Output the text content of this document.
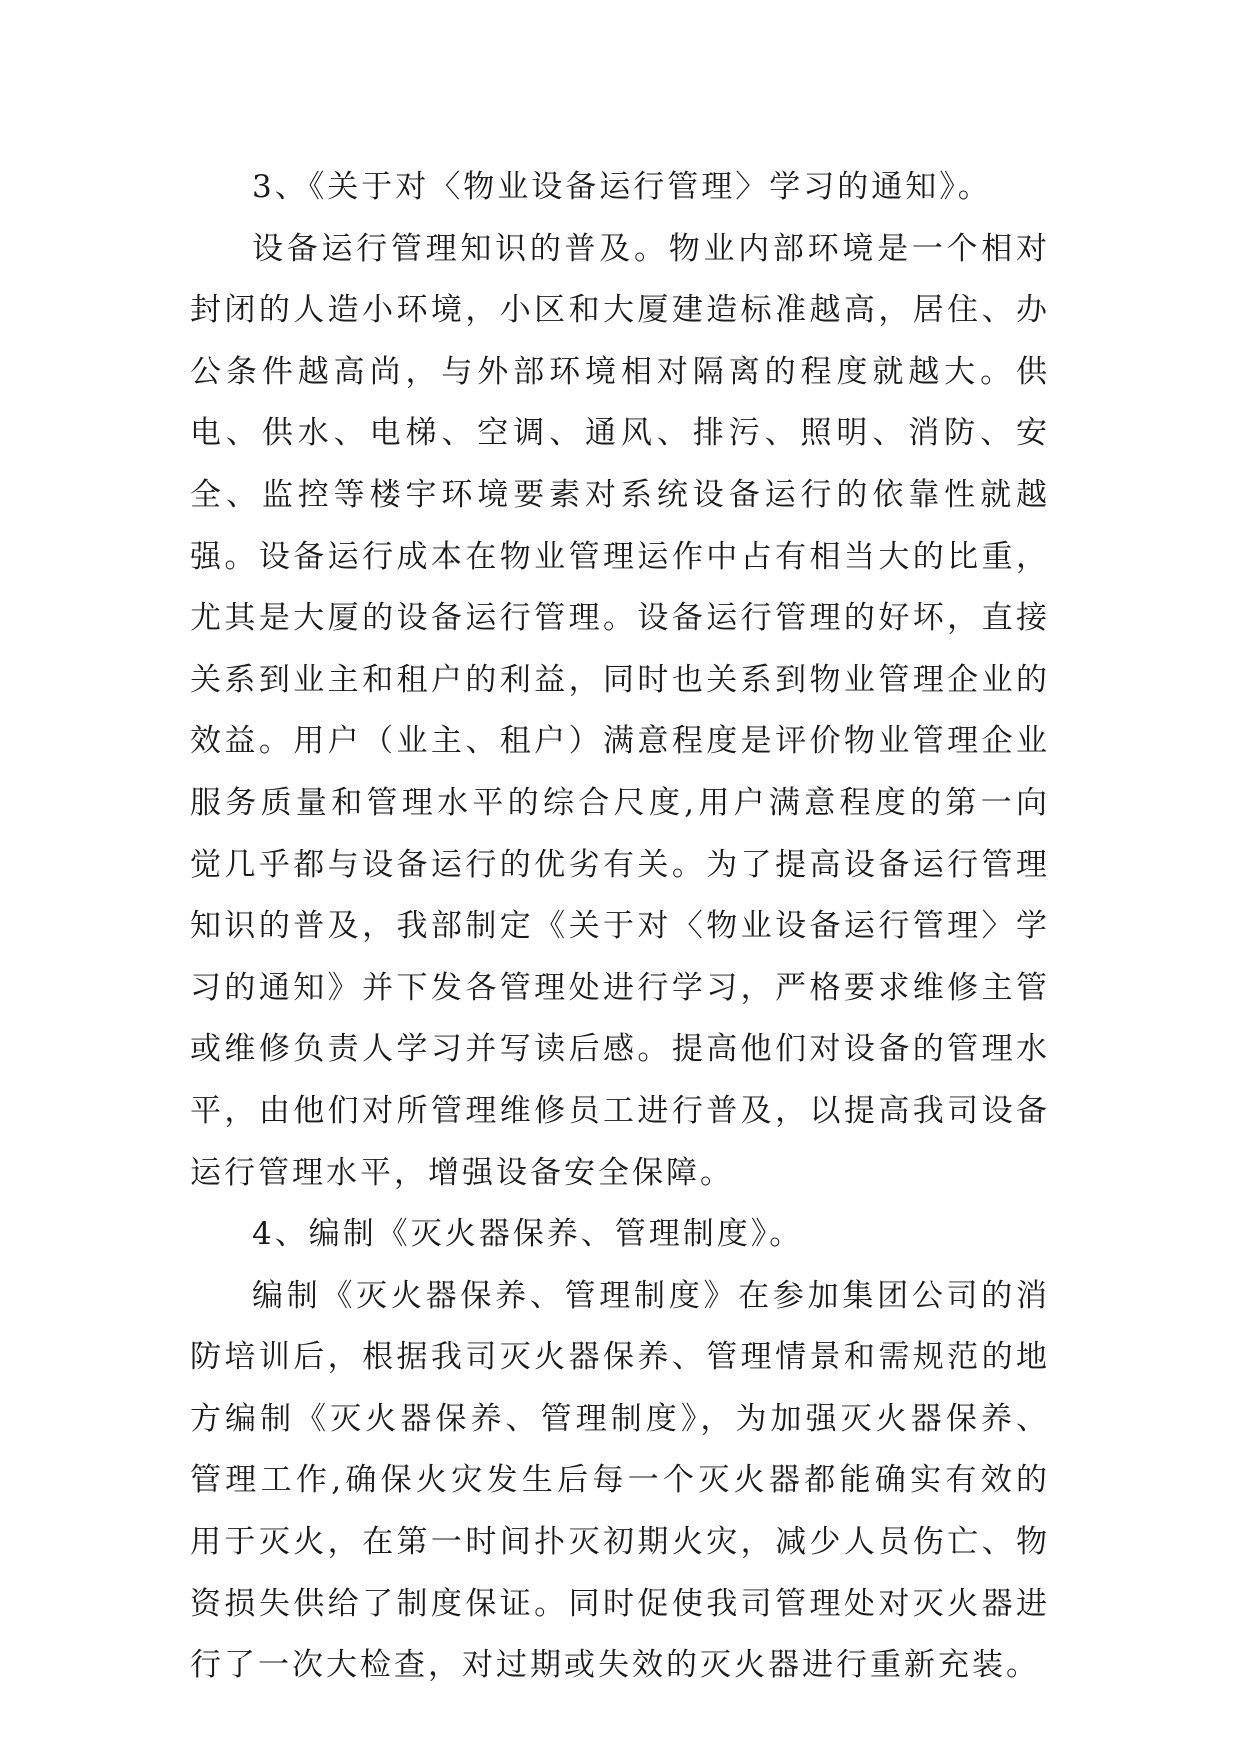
3、《关于对〈物业设备运行管理〉学习的通知》。

设备运行管理知识的普及。物业内部环境是一个相对封闭的人造小环境，小区和大厦建造标准越高，居住、办公条件越高尚，与外部环境相对隔离的程度就越大。供电、供水、电梯、空调、通风、排污、照明、消防、安全、监控等楼宇环境要素对系统设备运行的依靠性就越强。设备运行成本在物业管理运作中占有相当大的比重，尤其是大厦的设备运行管理。设备运行管理的好坏，直接关系到业主和租户的利益，同时也关系到物业管理企业的效益。用户（业主、租户）满意程度是评价物业管理企业服务质量和管理水平的综合尺度,用户满意程度的第一向觉几乎都与设备运行的优劣有关。为了提高设备运行管理知识的普及，我部制定《关于对〈物业设备运行管理〉学习的通知》并下发各管理处进行学习，严格要求维修主管或维修负责人学习并写读后感。提高他们对设备的管理水平，由他们对所管理维修员工进行普及，以提高我司设备运行管理水平，增强设备安全保障。

4、编制《灭火器保养、管理制度》。

编制《灭火器保养、管理制度》在参加集团公司的消防培训后，根据我司灭火器保养、管理情景和需规范的地方编制《灭火器保养、管理制度》，为加强灭火器保养、管理工作,确保火灾发生后每一个灭火器都能确实有效的用于灭火，在第一时间扑灭初期火灾，减少人员伤亡、物资损失供给了制度保证。同时促使我司管理处对灭火器进行了一次大检查，对过期或失效的灭火器进行重新充装。
